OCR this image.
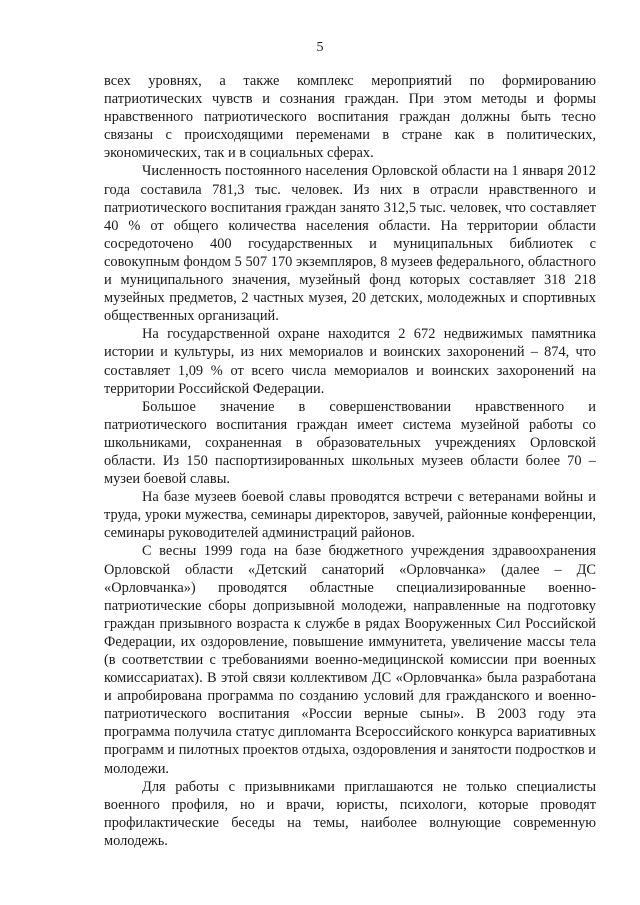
5

всех уровнях, а также комплекс мероприятий по формированию патриотических чувств и сознания граждан. При этом методы и формы нравственного патриотического воспитания граждан должны быть тесно связаны с происходящими переменами в стране как в политических, экономических, так и в социальных сферах.

Численность постоянного населения Орловской области на 1 января 2012 года составила 781,3 тыс. человек. Из них в отрасли нравственного и патриотического воспитания граждан занято 312,5 тыс. человек, что составляет 40 % от общего количества населения области. На территории области сосредоточено 400 государственных и муниципальных библиотек с совокупным фондом 5 507 170 экземпляров, 8 музеев федерального, областного и муниципального значения, музейный фонд которых составляет 318 218 музейных предметов, 2 частных музея, 20 детских, молодежных и спортивных общественных организаций.

На государственной охране находится 2 672 недвижимых памятника истории и культуры, из них мемориалов и воинских захоронений – 874, что составляет 1,09 % от всего числа мемориалов и воинских захоронений на территории Российской Федерации.

Большое значение в совершенствовании нравственного и патриотического воспитания граждан имеет система музейной работы со школьниками, сохраненная в образовательных учреждениях Орловской области. Из 150 паспортизированных школьных музеев области более 70 – музеи боевой славы.

На базе музеев боевой славы проводятся встречи с ветеранами войны и труда, уроки мужества, семинары директоров, завучей, районные конференции, семинары руководителей администраций районов.

С весны 1999 года на базе бюджетного учреждения здравоохранения Орловской области «Детский санаторий «Орловчанка» (далее – ДС «Орловчанка») проводятся областные специализированные военно-патриотические сборы допризывной молодежи, направленные на подготовку граждан призывного возраста к службе в рядах Вооруженных Сил Российской Федерации, их оздоровление, повышение иммунитета, увеличение массы тела (в соответствии с требованиями военно-медицинской комиссии при военных комиссариатах). В этой связи коллективом ДС «Орловчанка» была разработана и апробирована программа по созданию условий для гражданского и военно-патриотического воспитания «России верные сыны». В 2003 году эта программа получила статус дипломанта Всероссийского конкурса вариативных программ и пилотных проектов отдыха, оздоровления и занятости подростков и молодежи.

Для работы с призывниками приглашаются не только специалисты военного профиля, но и врачи, юристы, психологи, которые проводят профилактические беседы на темы, наиболее волнующие современную молодежь.
